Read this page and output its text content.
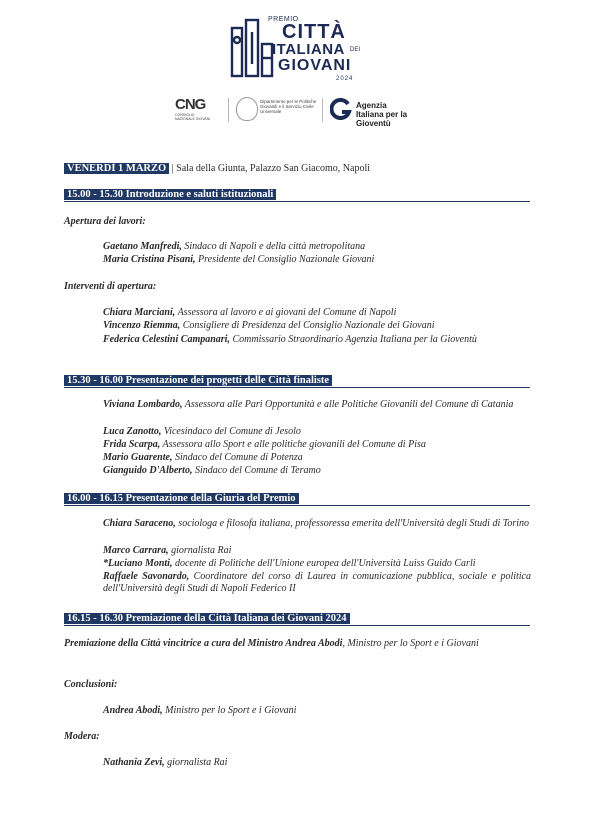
PREMIO
CITTÀ
ITALIANA DEI
GIOVANI
2024
CNG
CONSIGLIO NAZIONALE GIOVANI
Dipartimento per le Politiche Giovanili e il Servizio Civile Universale
Agenzia Italiana per la Gioventù
VENERDÌ 1 MARZO | Sala della Giunta, Palazzo San Giacomo, Napoli
15.00 - 15.30 Introduzione e saluti istituzionali
Apertura dei lavori:
Gaetano Manfredi, Sindaco di Napoli e della città metropolitana
Maria Cristina Pisani, Presidente del Consiglio Nazionale Giovani
Interventi di apertura:
Chiara Marciani, Assessora al lavoro e ai giovani del Comune di Napoli
Vincenzo Riemma, Consigliere di Presidenza del Consiglio Nazionale dei Giovani
Federica Celestini Campanari, Commissario Straordinario Agenzia Italiana per la Gioventù
15.30 - 16.00 Presentazione dei progetti delle Città finaliste
Viviana Lombardo, Assessora alle Pari Opportunità e alle Politiche Giovanili del Comune di Catania
Luca Zanotto, Vicesindaco del Comune di Jesolo
Frida Scarpa, Assessora allo Sport e alle politiche giovanili del Comune di Pisa
Mario Guarente, Sindaco del Comune di Potenza
Gianguido D'Alberto, Sindaco del Comune di Teramo
16.00 - 16.15 Presentazione della Giuria del Premio
Chiara Saraceno, sociologa e filosofa italiana, professoressa emerita dell'Università degli Studi di Torino
Marco Carrara, giornalista Rai
*Luciano Monti, docente di Politiche dell'Unione europea dell'Università Luiss Guido Carli
Raffaele Savonardo, Coordinatore del corso di Laurea in comunicazione pubblica, sociale e politica dell'Università degli Studi di Napoli Federico II
16.15 - 16.30 Premiazione della Città Italiana dei Giovani 2024
Premiazione della Città vincitrice a cura del Ministro Andrea Abodi, Ministro per lo Sport e i Giovani
Conclusioni:
Andrea Abodi, Ministro per lo Sport e i Giovani
Modera:
Nathania Zevi, giornalista Rai
